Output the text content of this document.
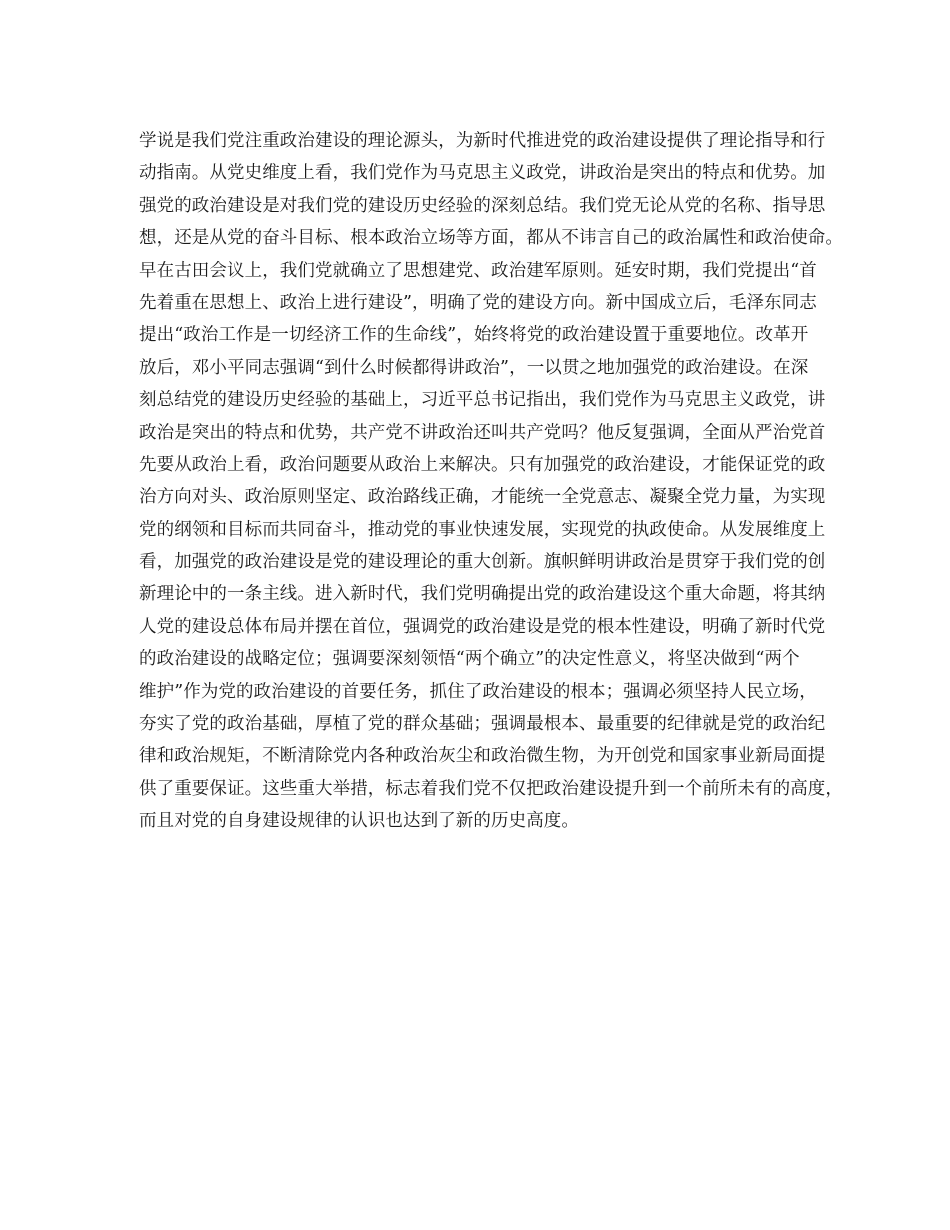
学说是我们党注重政治建设的理论源头，为新时代推进党的政治建设提供了理论指导和行
动指南。从党史维度上看，我们党作为马克思主义政党，讲政治是突出的特点和优势。加
强党的政治建设是对我们党的建设历史经验的深刻总结。我们党无论从党的名称、指导思
想，还是从党的奋斗目标、根本政治立场等方面，都从不讳言自己的政治属性和政治使命。
早在古田会议上，我们党就确立了思想建党、政治建军原则。延安时期，我们党提出“首
先着重在思想上、政治上进行建设”，明确了党的建设方向。新中国成立后，毛泽东同志
提出“政治工作是一切经济工作的生命线”，始终将党的政治建设置于重要地位。改革开
放后，邓小平同志强调“到什么时候都得讲政治”，一以贯之地加强党的政治建设。在深
刻总结党的建设历史经验的基础上，习近平总书记指出，我们党作为马克思主义政党，讲
政治是突出的特点和优势，共产党不讲政治还叫共产党吗？他反复强调，全面从严治党首
先要从政治上看，政治问题要从政治上来解决。只有加强党的政治建设，才能保证党的政
治方向对头、政治原则坚定、政治路线正确，才能统一全党意志、凝聚全党力量，为实现
党的纲领和目标而共同奋斗，推动党的事业快速发展，实现党的执政使命。从发展维度上
看，加强党的政治建设是党的建设理论的重大创新。旗帜鲜明讲政治是贯穿于我们党的创
新理论中的一条主线。进入新时代，我们党明确提出党的政治建设这个重大命题，将其纳
人党的建设总体布局并摆在首位，强调党的政治建设是党的根本性建设，明确了新时代党
的政治建设的战略定位；强调要深刻领悟“两个确立”的决定性意义，将坚决做到“两个
维护”作为党的政治建设的首要任务，抓住了政治建设的根本；强调必须坚持人民立场，
夯实了党的政治基础，厚植了党的群众基础；强调最根本、最重要的纪律就是党的政治纪
律和政治规矩，不断清除党内各种政治灰尘和政治微生物，为开创党和国家事业新局面提
供了重要保证。这些重大举措，标志着我们党不仅把政治建设提升到一个前所未有的高度，
而且对党的自身建设规律的认识也达到了新的历史高度。
